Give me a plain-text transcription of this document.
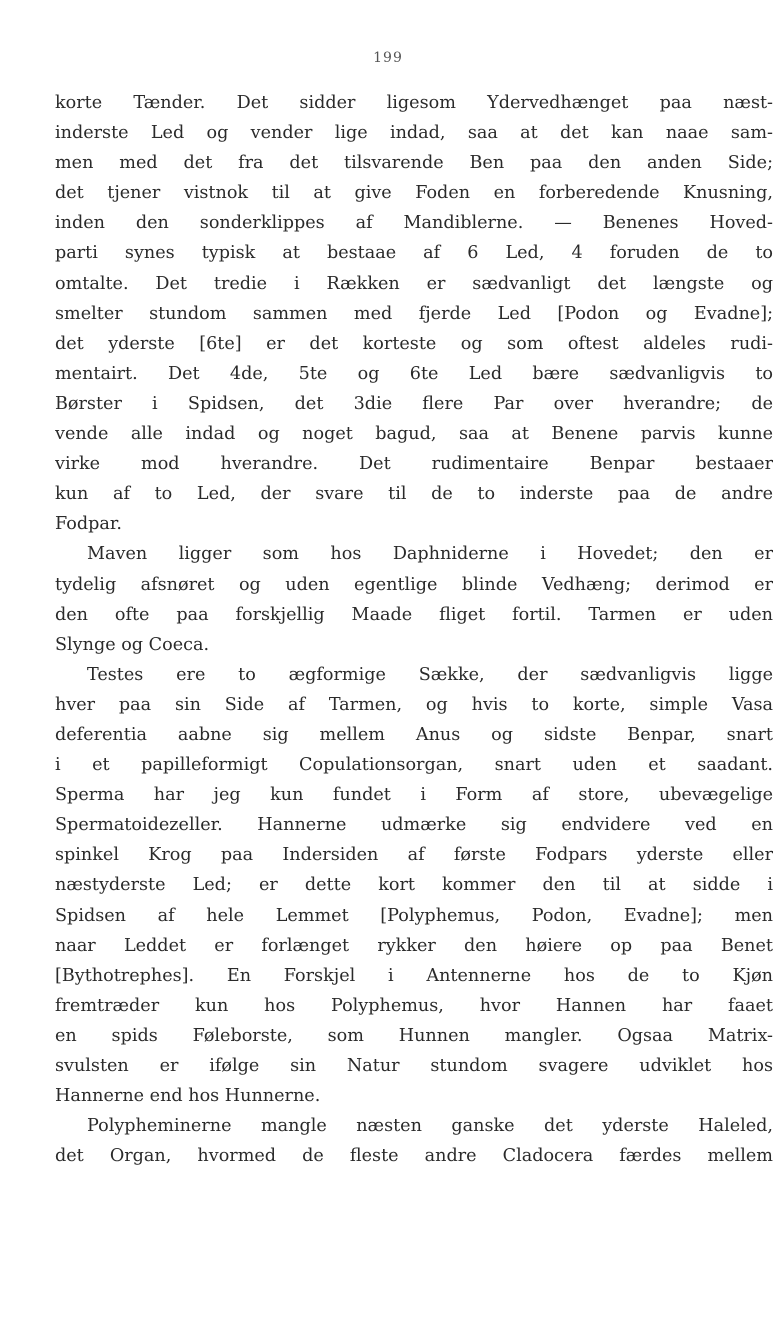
199
korte Tænder. Det sidder ligesom Ydervedhænget paa næst-
inderste Led og vender lige indad, saa at det kan naae sam-
men med det fra det tilsvarende Ben paa den anden Side;
det tjener vistnok til at give Foden en forberedende Knusning,
inden den sonderklippes af Mandiblerne. — Benenes Hoved-
parti synes typisk at bestaae af 6 Led, 4 foruden de to
omtalte. Det tredie i Rækken er sædvanligt det længste og
smelter stundom sammen med fjerde Led [Podon og Evadne];
det yderste [6te] er det korteste og som oftest aldeles rudi-
mentairt. Det 4de, 5te og 6te Led bære sædvanligvis to
Børster i Spidsen, det 3die flere Par over hverandre; de
vende alle indad og noget bagud, saa at Benene parvis kunne
virke mod hverandre. Det rudimentaire Benpar bestaaer
kun af to Led, der svare til de to inderste paa de andre
Fodpar.
Maven ligger som hos Daphniderne i Hovedet; den er
tydelig afsnøret og uden egentlige blinde Vedhæng; derimod er
den ofte paa forskjellig Maade fliget fortil. Tarmen er uden
Slynge og Coeca.
Testes ere to ægformige Sække, der sædvanligvis ligge
hver paa sin Side af Tarmen, og hvis to korte, simple Vasa
deferentia aabne sig mellem Anus og sidste Benpar, snart
i et papilleformigt Copulationsorgan, snart uden et saadant.
Sperma har jeg kun fundet i Form af store, ubevægelige
Spermatoidezeller. Hannerne udmærke sig endvidere ved en
spinkel Krog paa Indersiden af første Fodpars yderste eller
næstyderste Led; er dette kort kommer den til at sidde i
Spidsen af hele Lemmet [Polyphemus, Podon, Evadne]; men
naar Leddet er forlænget rykker den høiere op paa Benet
[Bythotrephes]. En Forskjel i Antennerne hos de to Kjøn
fremtræder kun hos Polyphemus, hvor Hannen har faaet
en spids Føleborste, som Hunnen mangler. Ogsaa Matrix-
svulsten er ifølge sin Natur stundom svagere udviklet hos
Hannerne end hos Hunnerne.
Polypheminerne mangle næsten ganske det yderste Haleled,
det Organ, hvormed de fleste andre Cladocera færdes mellem
